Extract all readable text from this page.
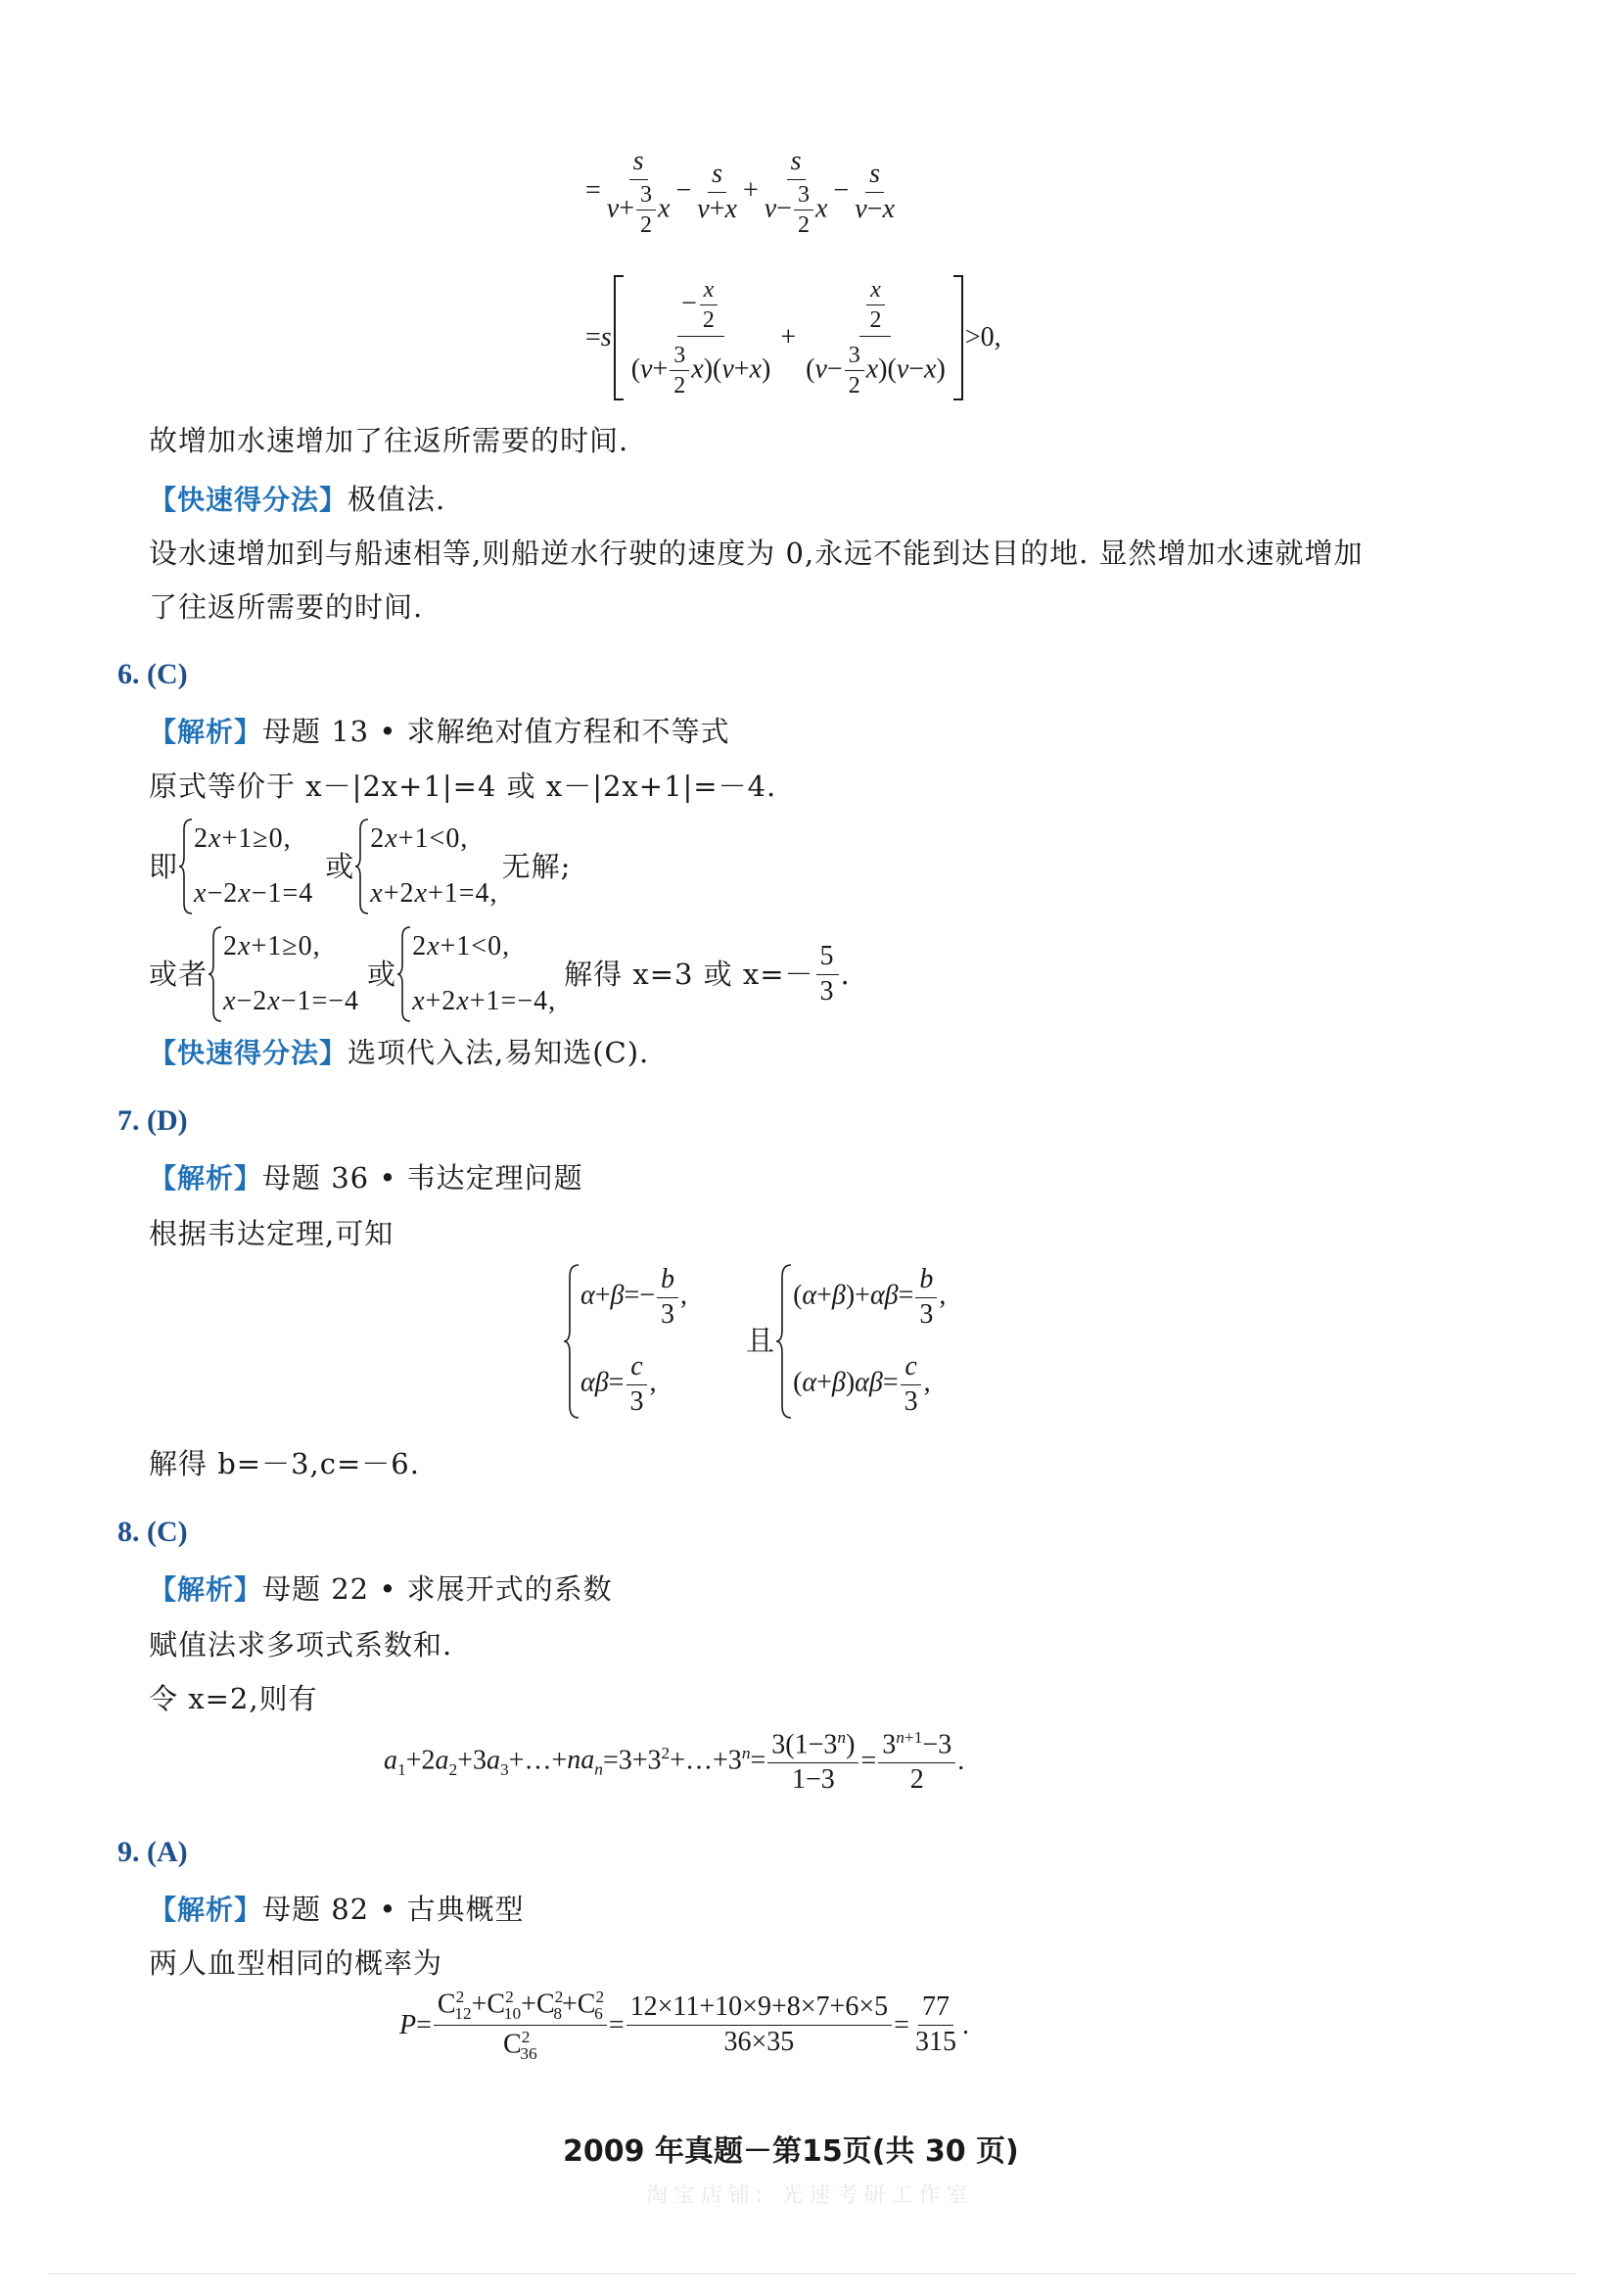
= $\frac{s}{v+ \frac{3}{2} x} - \frac{s}{v+x} + \frac{s}{v- \frac{3}{2} x} - \frac{s}{v-x}$
$=s \frac{- \frac{x}{2}}{(v+ \frac{3}{2} x)(v+x)} + \frac{\frac{x}{2}}{(v- \frac{3}{2} x)(v-x)} >0$,
故增加水速增加了往返所需要的时间.
【快速得分法】极值法.
设水速增加到与船速相等,则船逆水行驶的速度为 0,永远不能到达目的地. 显然增加水速就增加
了往返所需要的时间.
6. (C)
【解析】母题 13 • 求解绝对值方程和不等式
原式等价于 x－|2x+1|=4 或 x－|2x+1|=－4.
即
2x+1≥0,
x−2x−1=4
或
2x+1<0,
x+2x+1=4,
无解;
或者
2x+1≥0,
x−2x−1=−4
或
2x+1<0,
x+2x+1=−4,
解得 x=3 或 $x=- \frac{5}{3}$ .
【快速得分法】选项代入法,易知选(C).
7. (D)
【解析】母题 36 • 韦达定理问题
根据韦达定理,可知
$\alpha+\beta=- \frac{b}{3}$ ,
$\alpha\beta= \frac{c}{3}$ ,
且
$(\alpha+\beta)+\alpha\beta= \frac{b}{3}$ ,
$(\alpha+\beta)\alpha\beta= \frac{c}{3}$ ,
解得 b=－3,c=－6.
8. (C)
【解析】母题 22 • 求展开式的系数
赋值法求多项式系数和.
令 x=2,则有
$a_1+2a_2+3a_3+\dots+na_n=3+3^2+\dots+3^n= \frac{3(1-3^n)}{1-3} = \frac{3^{n+1}-3}{2}$ .
9. (A)
【解析】母题 82 • 古典概型
两人血型相同的概率为
$P= \frac{C^2_{12}+C^2_{10}+C^2_8+C^2_6}{C^2_{36}} = \frac{12\times 11+10\times 9+8\times 7+6\times 5}{36\times 35} = \frac{77}{315}$ .
2009 年真题－第15页(共 30 页)
淘宝店铺: 光速考研工作室
